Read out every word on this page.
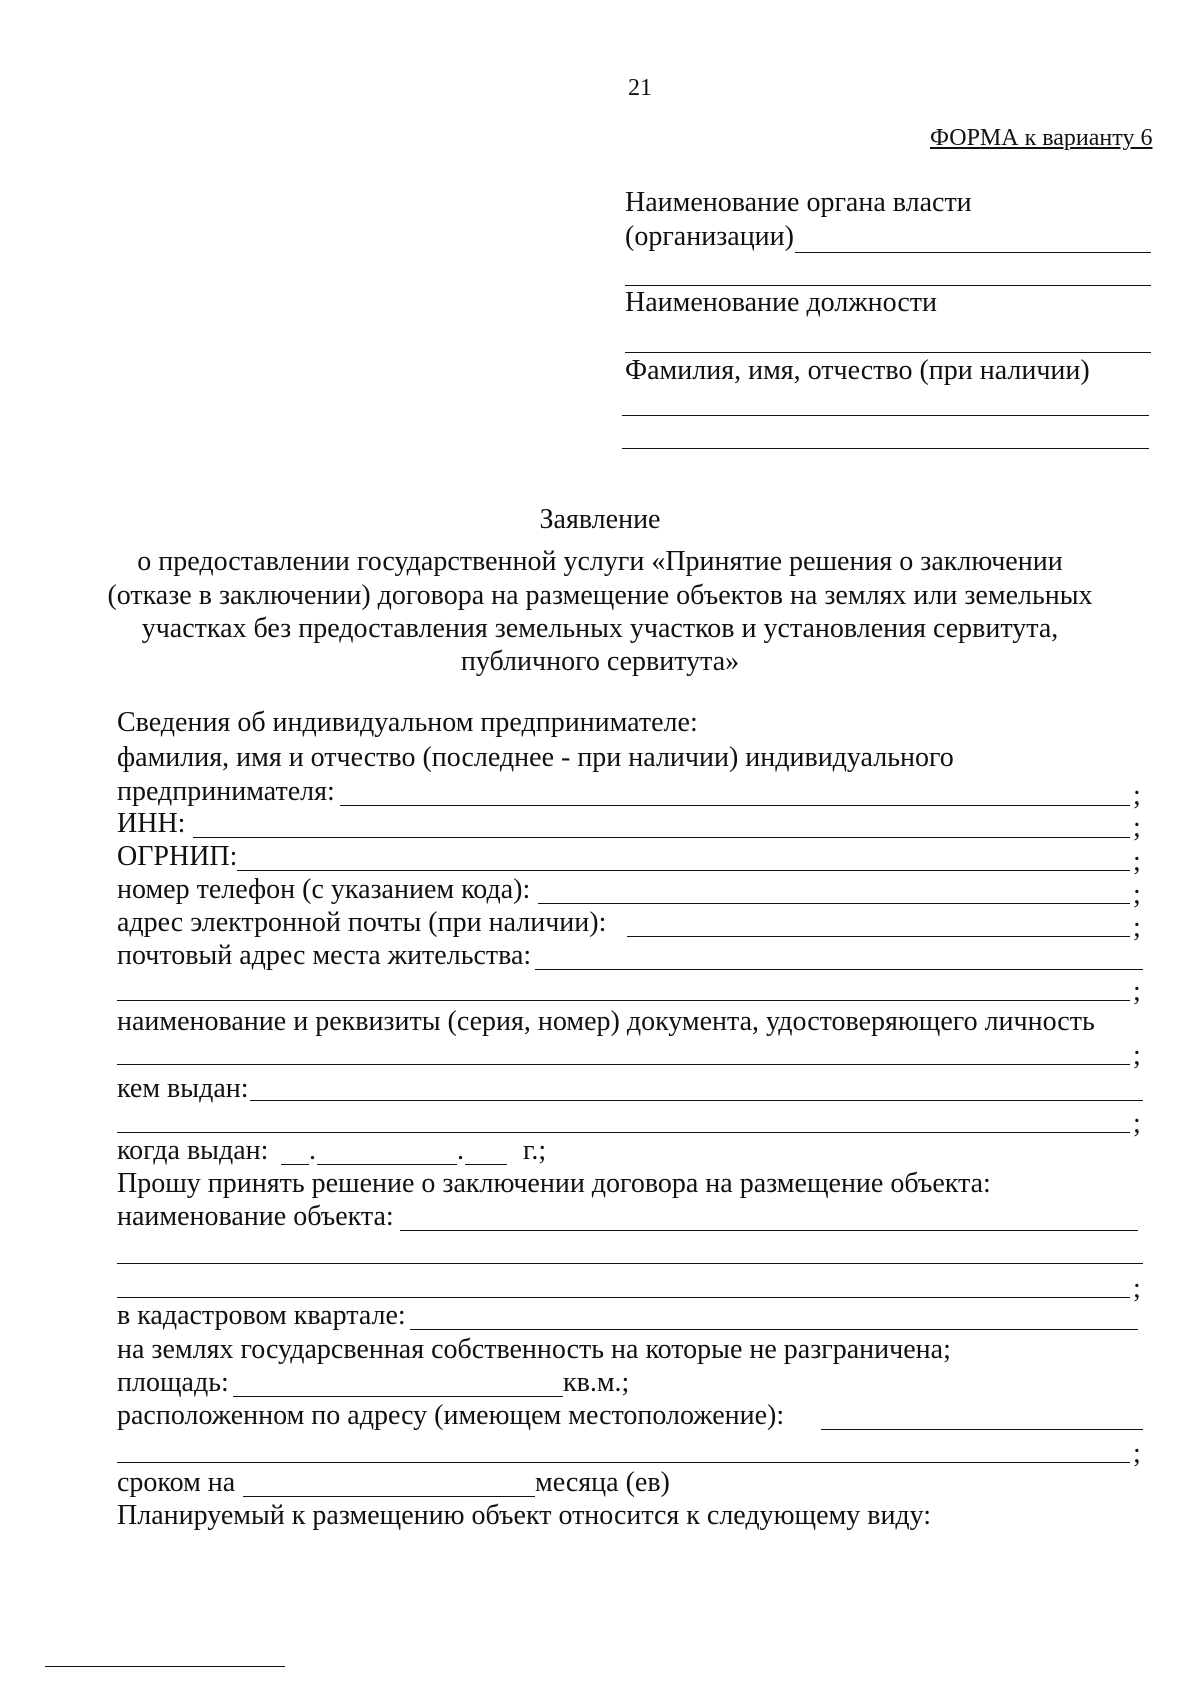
21
ФОРМА к варианту 6
Наименование органа власти
(организации)
Наименование должности
Фамилия, имя, отчество (при наличии)
Заявление
о предоставлении государственной услуги «Принятие решения о заключении
(отказе в заключении) договора на размещение объектов на землях или земельных
участках без предоставления земельных участков и установления сервитута,
публичного сервитута»
Сведения об индивидуальном предпринимателе:
фамилия, имя и отчество (последнее - при наличии) индивидуального
предпринимателя:	;
ИНН:	;
ОГРНИП:	;
номер телефон (с указанием кода):	;
адрес электронной почты (при наличии):	;
почтовый адрес места жительства:
;
наименование и реквизиты (серия, номер) документа, удостоверяющего личность
;
кем выдан:
;
когда выдан: .	. г.;
Прошу принять решение о заключении договора на размещение объекта:
наименование объекта:
;
в кадастровом квартале:
на землях государсвенная собственность на которые не разграничена;
площадь:	кв.м.;
расположенном по адресу (имеющем местоположение):
;
сроком на	месяца (ев)
Планируемый к размещению объект относится к следующему виду:
